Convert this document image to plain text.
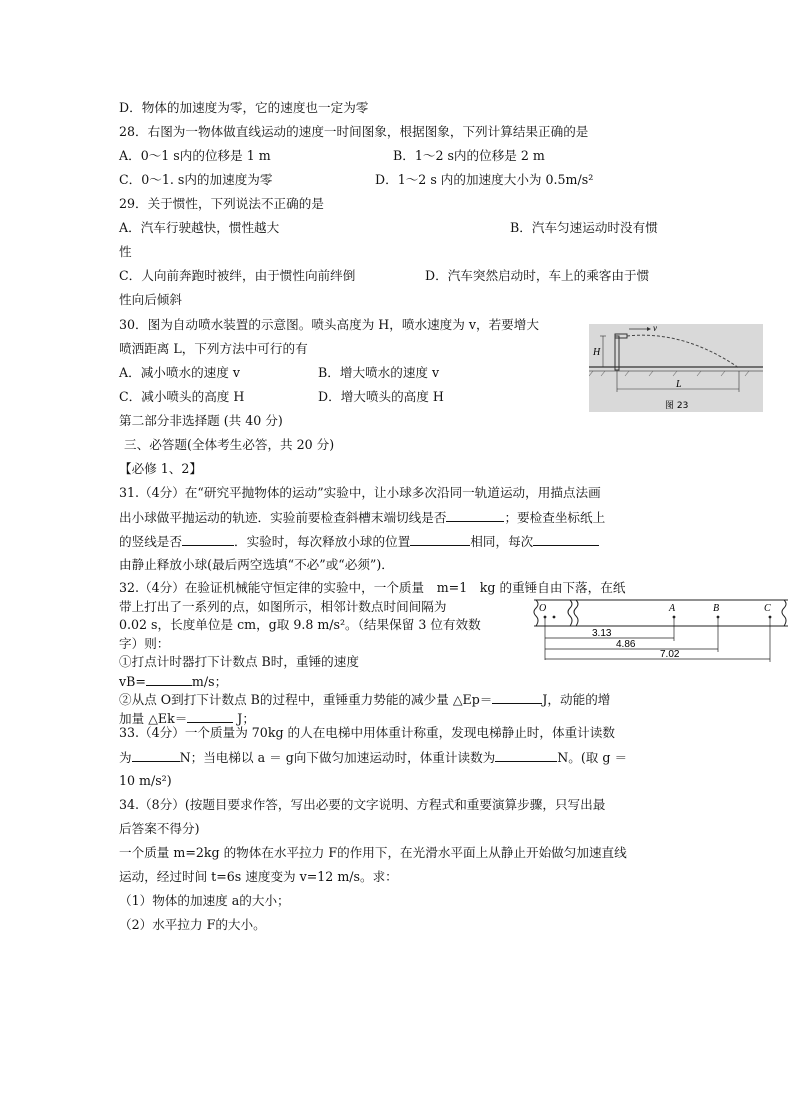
D．物体的加速度为零，它的速度也一定为零
28．右图为一物体做直线运动的速度一时间图象，根据图象，下列计算结果正确的是
A．0～1 s内的位移是 1 m	B．1～2 s内的位移是 2 m
C．0～1. s内的加速度为零	D．1～2 s 内的加速度大小为 0.5m/s²
29．关于惯性，下列说法不正确的是
A．汽车行驶越快，惯性越大	B．汽车匀速运动时没有惯
性
C．人向前奔跑时被绊，由于惯性向前绊倒	D．汽车突然启动时，车上的乘客由于惯
性向后倾斜
30．图为自动喷水装置的示意图。喷头高度为 H，喷水速度为 v，若要增大
喷洒距离 L，下列方法中可行的有
A．减小喷水的速度 v	B．增大喷水的速度 v
C．减小喷头的高度 H	D．增大喷头的高度 H
H
v
L
图 23
第二部分非选择题 (共 40 分)
三、必答题(全体考生必答，共 20 分)
【必修 1、2】
31.（4分）在“研究平抛物体的运动”实验中，让小球多次沿同一轨道运动，用描点法画
出小球做平抛运动的轨迹．实验前要检查斜槽末端切线是否	；要检查坐标纸上
的竖线是否	．实验时，每次释放小球的位置	相同，每次
由静止释放小球(最后两空选填“不必”或“必须”)．
32.（4分）在验证机械能守恒定律的实验中，一个质量　m=1　kg 的重锤自由下落，在纸
带上打出了一系列的点，如图所示，相邻计数点时间间隔为
0.02 s，长度单位是 cm，g取 9.8 m/s²。（结果保留 3 位有效数
字）则：
①打点计时器打下计数点 B时，重锤的速度
vB=	m/s；
②从点 O到打下计数点 B的过程中，重锤重力势能的减少量 △Ep＝	J，动能的增
加量 △Ek＝	J；
O	A	B	C
3.13
4.86
7.02
33.（4分）一个质量为 70kg 的人在电梯中用体重计称重，发现电梯静止时，体重计读数
为	N；当电梯以 a ＝ g向下做匀加速运动时，体重计读数为	N。(取 g ＝
10 m/s²)
34.（8分）(按题目要求作答，写出必要的文字说明、方程式和重要演算步骤，只写出最
后答案不得分)
一个质量 m=2kg 的物体在水平拉力 F的作用下，在光滑水平面上从静止开始做匀加速直线
运动，经过时间 t=6s 速度变为 v=12 m/s。求：
（1）物体的加速度 a的大小；
（2）水平拉力 F的大小。
